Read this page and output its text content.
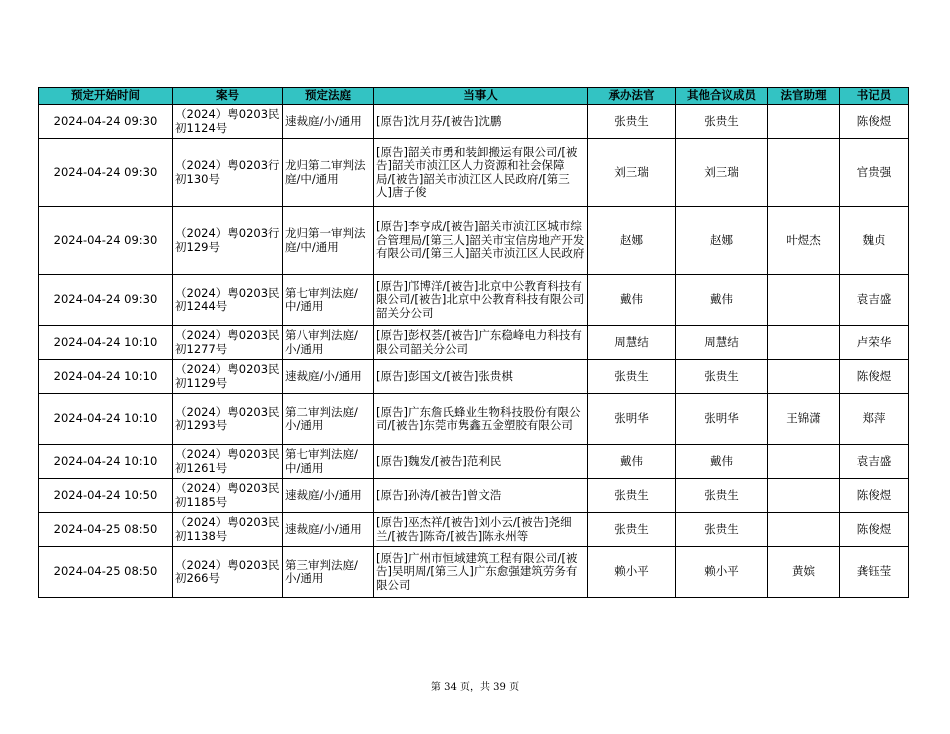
预定开始时间	案号	预定法庭	当事人	承办法官	其他合议成员	法官助理	书记员
2024-04-24 09:30	（2024）粤0203民初1124号	速裁庭/小/通用	[原告]沈月芬/[被告]沈鹏	张贵生	张贵生		陈俊煜
2024-04-24 09:30	（2024）粤0203行初130号	龙归第二审判法庭/中/通用	[原告]韶关市勇和装卸搬运有限公司/[被告]韶关市浈江区人力资源和社会保障局/[被告]韶关市浈江区人民政府/[第三人]唐子俊	刘三瑞	刘三瑞		官贵强
2024-04-24 09:30	（2024）粤0203行初129号	龙归第一审判法庭/中/通用	[原告]李亨成/[被告]韶关市浈江区城市综合管理局/[第三人]韶关市宝信房地产开发有限公司/[第三人]韶关市浈江区人民政府	赵娜	赵娜	叶煜杰	魏贞
2024-04-24 09:30	（2024）粤0203民初1244号	第七审判法庭/中/通用	[原告]邝博洋/[被告]北京中公教育科技有限公司/[被告]北京中公教育科技有限公司韶关分公司	戴伟	戴伟		袁吉盛
2024-04-24 10:10	（2024）粤0203民初1277号	第八审判法庭/小/通用	[原告]彭权荟/[被告]广东稳峰电力科技有限公司韶关分公司	周慧结	周慧结		卢荣华
2024-04-24 10:10	（2024）粤0203民初1129号	速裁庭/小/通用	[原告]彭国文/[被告]张贵棋	张贵生	张贵生		陈俊煜
2024-04-24 10:10	（2024）粤0203民初1293号	第二审判法庭/小/通用	[原告]广东詹氏蜂业生物科技股份有限公司/[被告]东莞市隽鑫五金塑胶有限公司	张明华	张明华	王锦潇	郑萍
2024-04-24 10:10	（2024）粤0203民初1261号	第七审判法庭/中/通用	[原告]魏发/[被告]范利民	戴伟	戴伟		袁吉盛
2024-04-24 10:50	（2024）粤0203民初1185号	速裁庭/小/通用	[原告]孙涛/[被告]曾文浩	张贵生	张贵生		陈俊煜
2024-04-25 08:50	（2024）粤0203民初1138号	速裁庭/小/通用	[原告]巫杰祥/[被告]刘小云/[被告]尧细兰/[被告]陈奇/[被告]陈永州等	张贵生	张贵生		陈俊煜
2024-04-25 08:50	（2024）粤0203民初266号	第三审判法庭/小/通用	[原告]广州市恒域建筑工程有限公司/[被告]吴明周/[第三人]广东愈强建筑劳务有限公司	赖小平	赖小平	黄嫔	龚钰莹
第 34 页，共 39 页
